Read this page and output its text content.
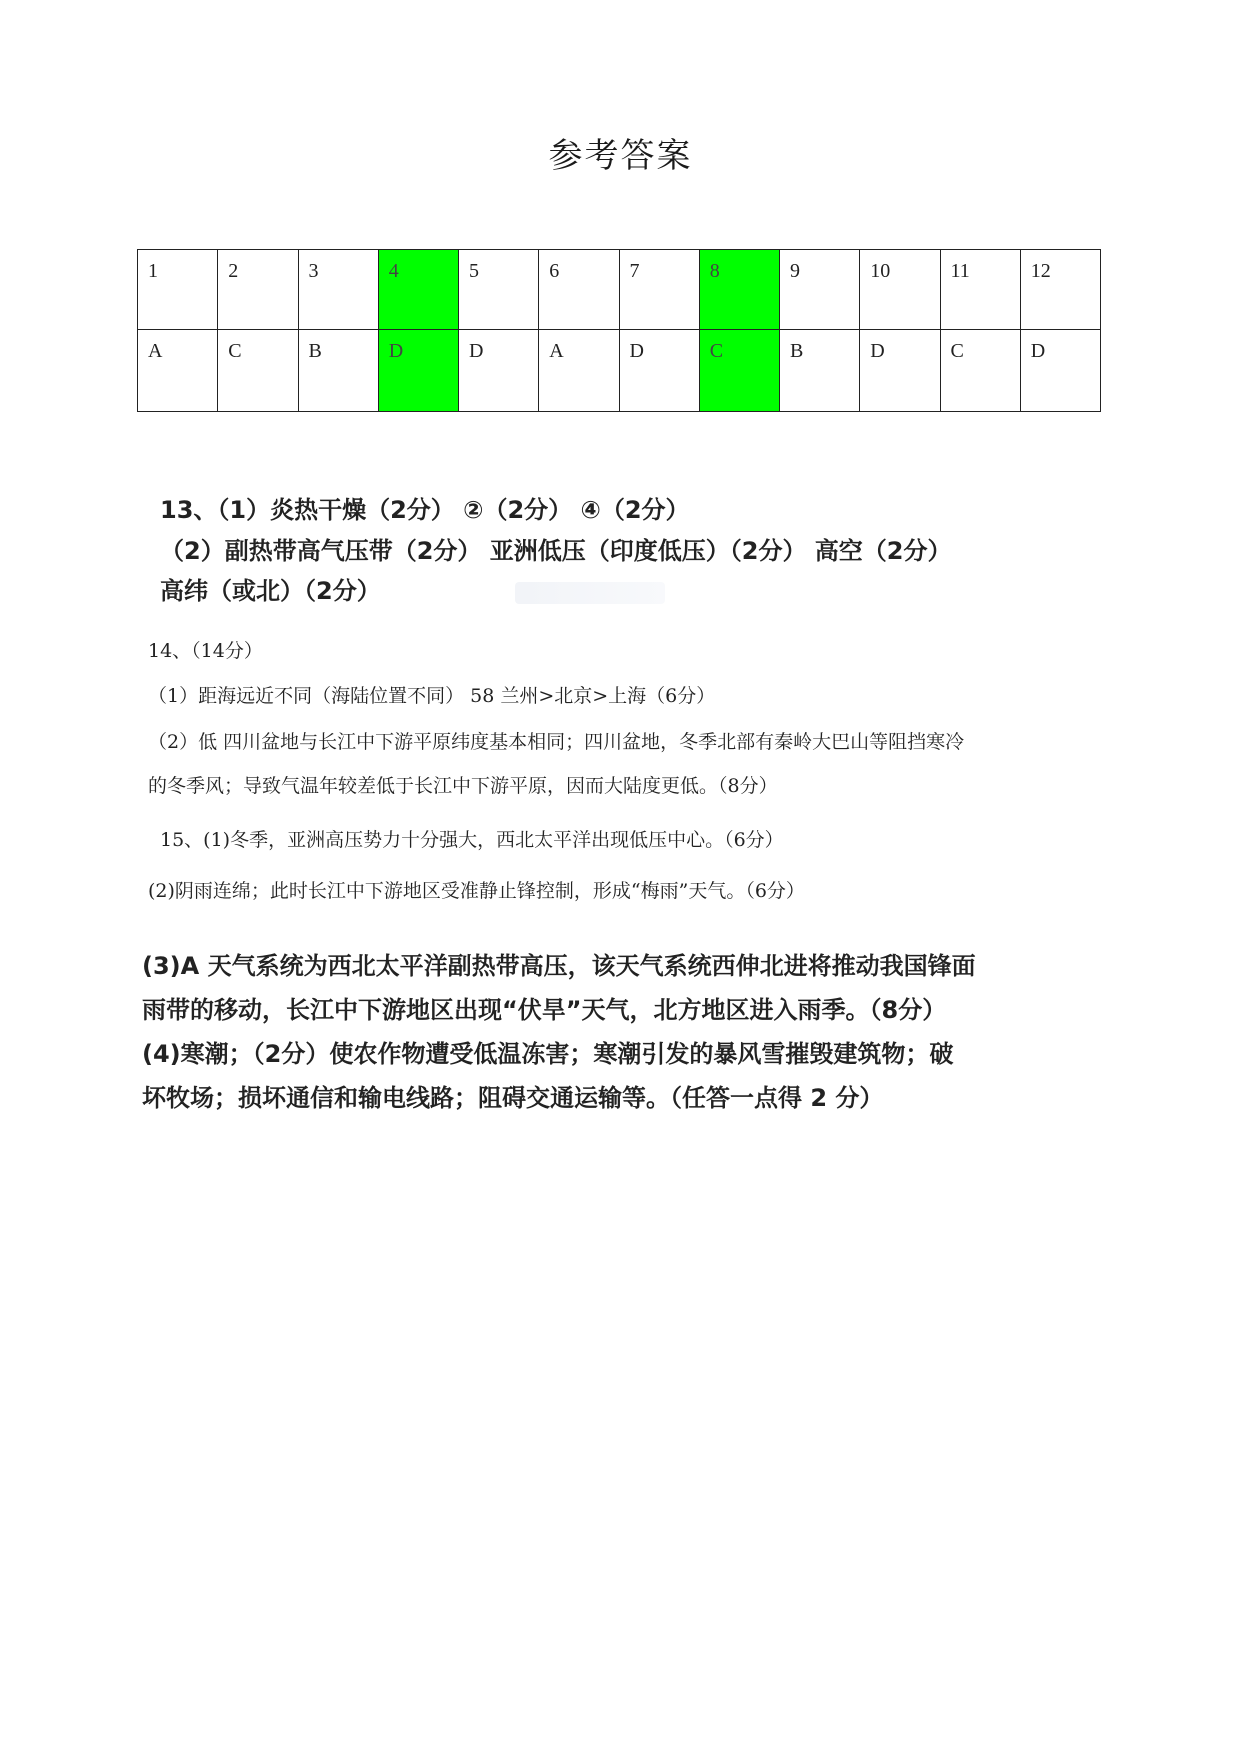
参考答案
1	2	3	4	5	6	7	8	9	10	11	12
A	C	B	D	D	A	D	C	B	D	C	D
13、（1）炎热干燥（2分） ②（2分） ④（2分）
（2）副热带高气压带（2分） 亚洲低压（印度低压）（2分） 高空（2分）
高纬（或北）（2分）
14、（14分）
（1）距海远近不同（海陆位置不同） 58 兰州>北京>上海（6分）
（2）低 四川盆地与长江中下游平原纬度基本相同；四川盆地，冬季北部有秦岭大巴山等阻挡寒冷
的冬季风；导致气温年较差低于长江中下游平原，因而大陆度更低。（8分）
15、(1)冬季，亚洲高压势力十分强大，西北太平洋出现低压中心。（6分）
(2)阴雨连绵；此时长江中下游地区受准静止锋控制，形成“梅雨”天气。（6分）
(3)A 天气系统为西北太平洋副热带高压，该天气系统西伸北进将推动我国锋面
雨带的移动，长江中下游地区出现“伏旱”天气，北方地区进入雨季。（8分）
(4)寒潮；（2分）使农作物遭受低温冻害；寒潮引发的暴风雪摧毁建筑物；破
坏牧场；损坏通信和输电线路；阻碍交通运输等。（任答一点得 2 分）
